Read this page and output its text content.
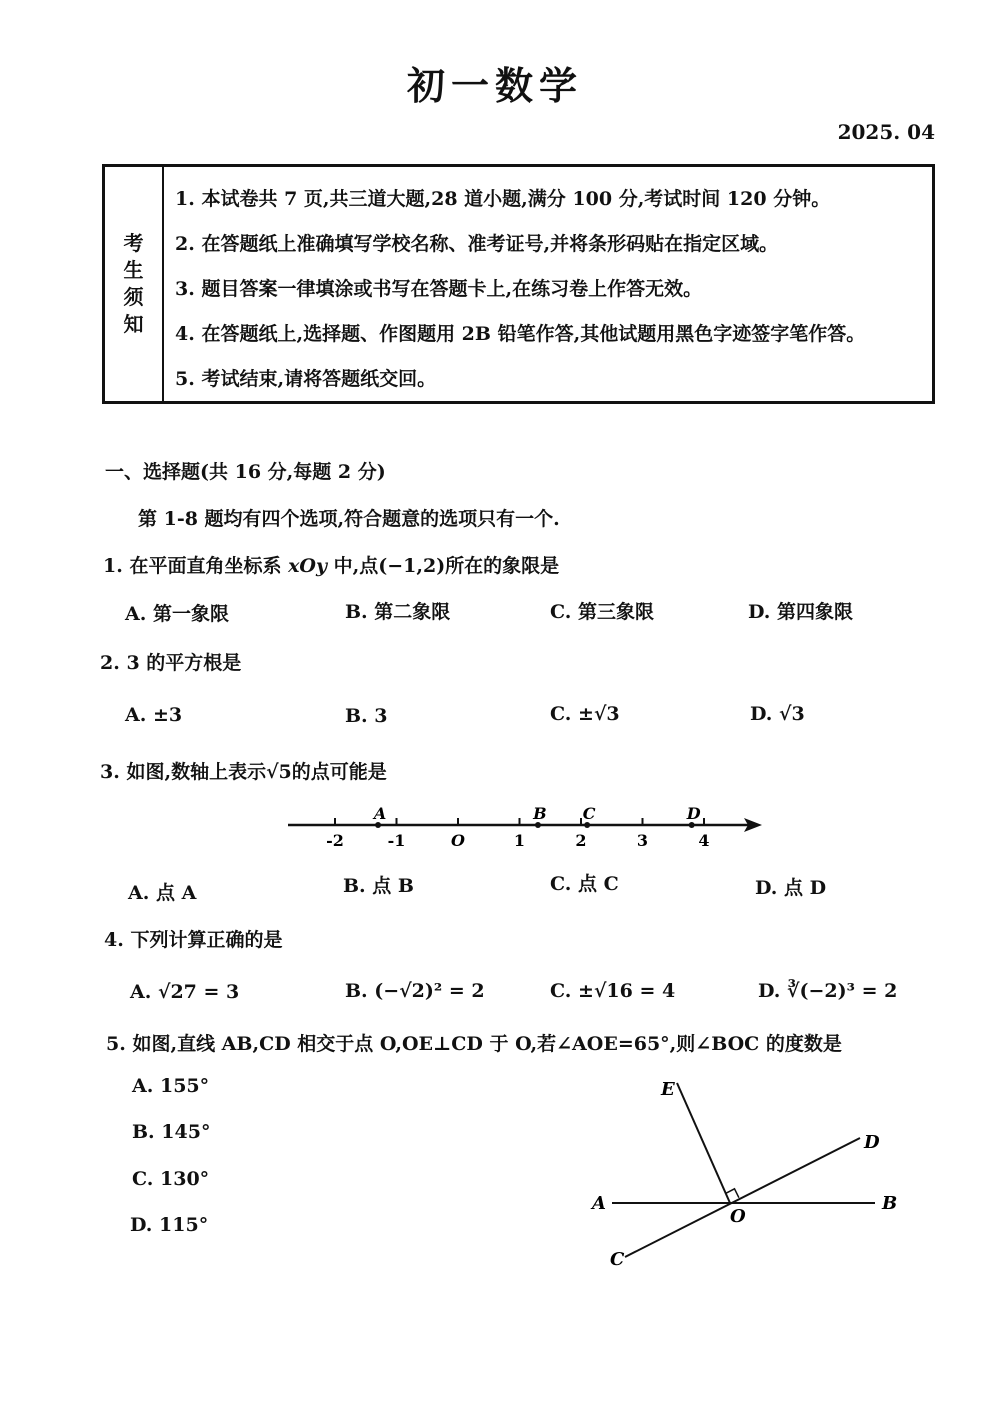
初一数学
2025. 04
考
生
须
知
1. 本试卷共 7 页,共三道大题,28 道小题,满分 100 分,考试时间 120 分钟。
2. 在答题纸上准确填写学校名称、准考证号,并将条形码贴在指定区域。
3. 题目答案一律填涂或书写在答题卡上,在练习卷上作答无效。
4. 在答题纸上,选择题、作图题用 2B 铅笔作答,其他试题用黑色字迹签字笔作答。
5. 考试结束,请将答题纸交回。
一、选择题(共 16 分,每题 2 分)
第 1-8 题均有四个选项,符合题意的选项只有一个.
1. 在平面直角坐标系 xOy 中,点(−1,2)所在的象限是
A. 第一象限	B. 第二象限	C. 第三象限	D. 第四象限
2. 3 的平方根是
A. ±3	B. 3	C. ±√3	D. √3
3. 如图,数轴上表示√5的点可能是
-2	-1	O	1	2	3	4
A	B C	D
A. 点 A	B. 点 B	C. 点 C	D. 点 D
4. 下列计算正确的是
A. √27 = 3	B. (−√2)² = 2	C. ±√16 = 4	D. ∛(−2)³ = 2
5. 如图,直线 AB,CD 相交于点 O,OE⊥CD 于 O,若∠AOE=65°,则∠BOC 的度数是
A. 155°
B. 145°
C. 130°
D. 115°
E
D
A
O
B
C
